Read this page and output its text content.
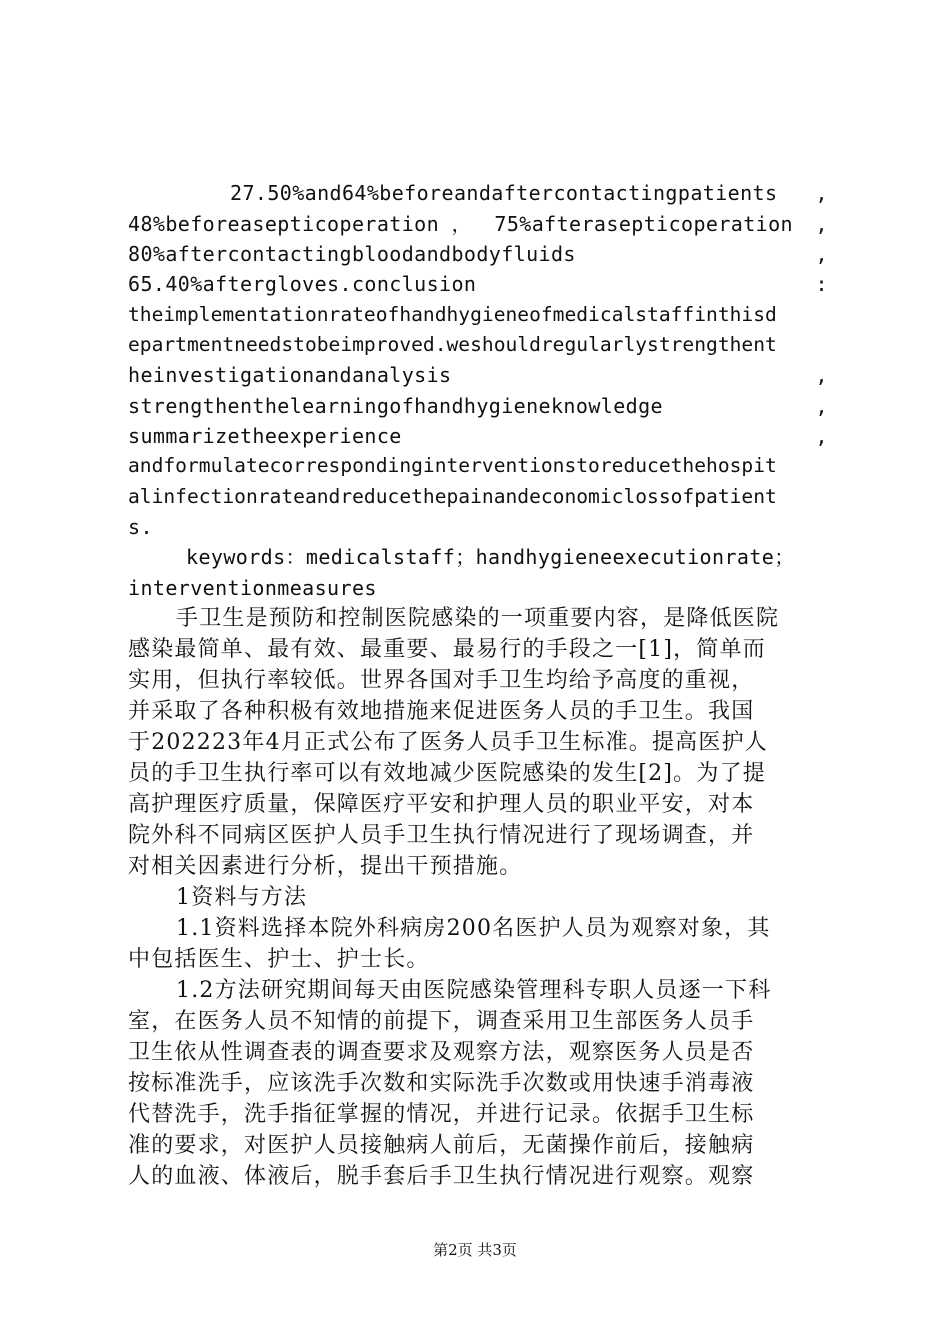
27.50%and64%beforeandaftercontactingpatients ,
48%beforeasepticoperation ， 75%afterasepticoperation ,
80%aftercontactingbloodandbodyfluids	,
65.40%aftergloves.conclusion	:
theimplementationrateofhandhygieneofmedicalstaffinthisd
epartmentneedstobeimproved.weshouldregularlystrengthent
heinvestigationandanalysis	,
strengthenthelearningofhandhygieneknowledge	,
summarizetheexperience	,
andformulatecorrespondinginterventionstoreducethehospit
alinfectionrateandreducethepainandeconomiclossofpatient
s.
keywords：medicalstaff；handhygieneexecutionrate；
interventionmeasures
手卫生是预防和控制医院感染的一项重要内容，是降低医院
感染最简单、最有效、最重要、最易行的手段之一[1]，简单而
实用，但执行率较低。世界各国对手卫生均给予高度的重视，
并采取了各种积极有效地措施来促进医务人员的手卫生。我国
于202223年4月正式公布了医务人员手卫生标准。提高医护人
员的手卫生执行率可以有效地减少医院感染的发生[2]。为了提
高护理医疗质量，保障医疗平安和护理人员的职业平安，对本
院外科不同病区医护人员手卫生执行情况进行了现场调查，并
对相关因素进行分析，提出干预措施。
1资料与方法
1.1资料选择本院外科病房200名医护人员为观察对象，其
中包括医生、护士、护士长。
1.2方法研究期间每天由医院感染管理科专职人员逐一下科
室，在医务人员不知情的前提下，调查采用卫生部医务人员手
卫生依从性调查表的调查要求及观察方法，观察医务人员是否
按标准洗手，应该洗手次数和实际洗手次数或用快速手消毒液
代替洗手，洗手指征掌握的情况，并进行记录。依据手卫生标
准的要求，对医护人员接触病人前后，无菌操作前后，接触病
人的血液、体液后，脱手套后手卫生执行情况进行观察。观察
第2页 共3页
